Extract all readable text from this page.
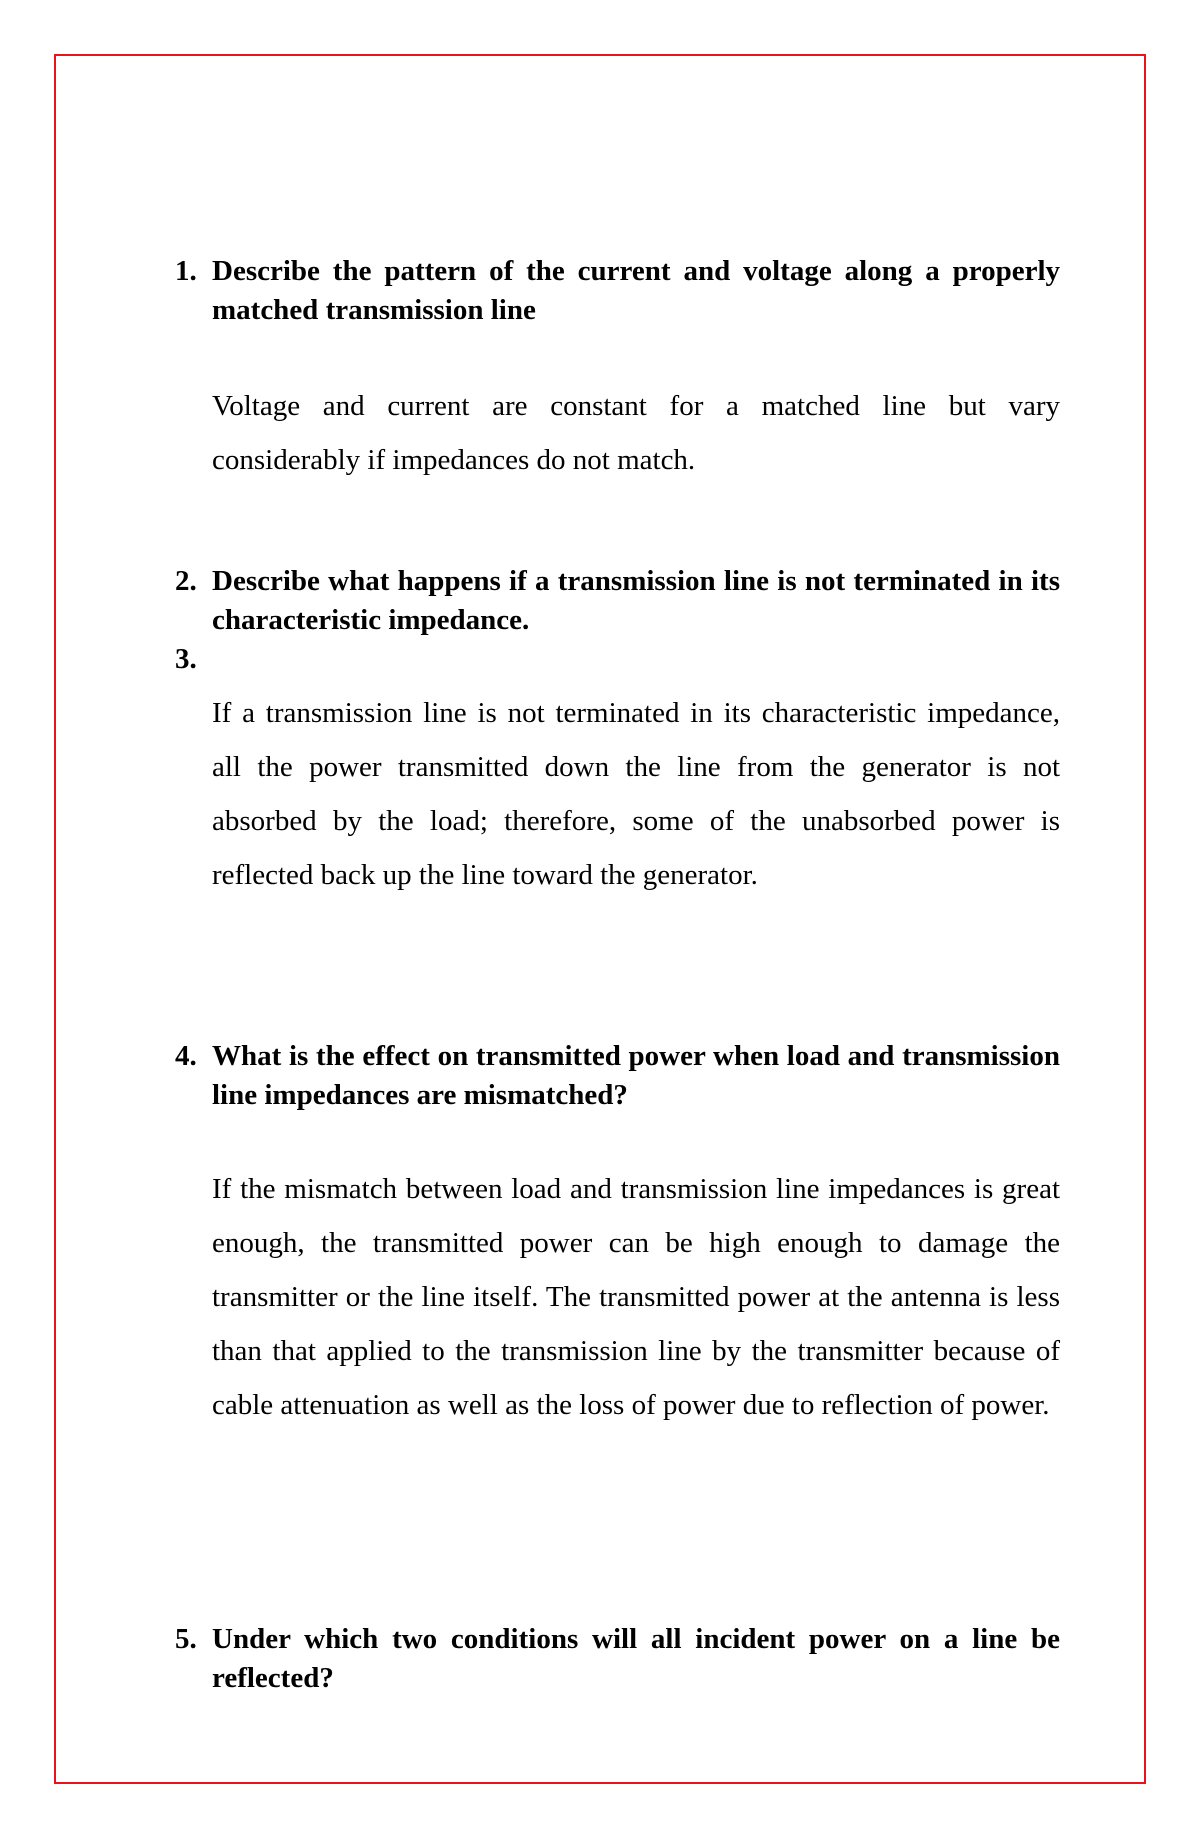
1. Describe the pattern of the current and voltage along a properly matched transmission line
Voltage and current are constant for a matched line but vary considerably if impedances do not match.
2. Describe what happens if a transmission line is not terminated in its characteristic impedance.
3.
If a transmission line is not terminated in its characteristic impedance, all the power transmitted down the line from the generator is not absorbed by the load; therefore, some of the unabsorbed power is reflected back up the line toward the generator.
4. What is the effect on transmitted power when load and transmission line impedances are mismatched?
If the mismatch between load and transmission line impedances is great enough, the transmitted power can be high enough to damage the transmitter or the line itself. The transmitted power at the antenna is less than that applied to the transmission line by the transmitter because of cable attenuation as well as the loss of power due to reflection of power.
5. Under which two conditions will all incident power on a line be reflected?
